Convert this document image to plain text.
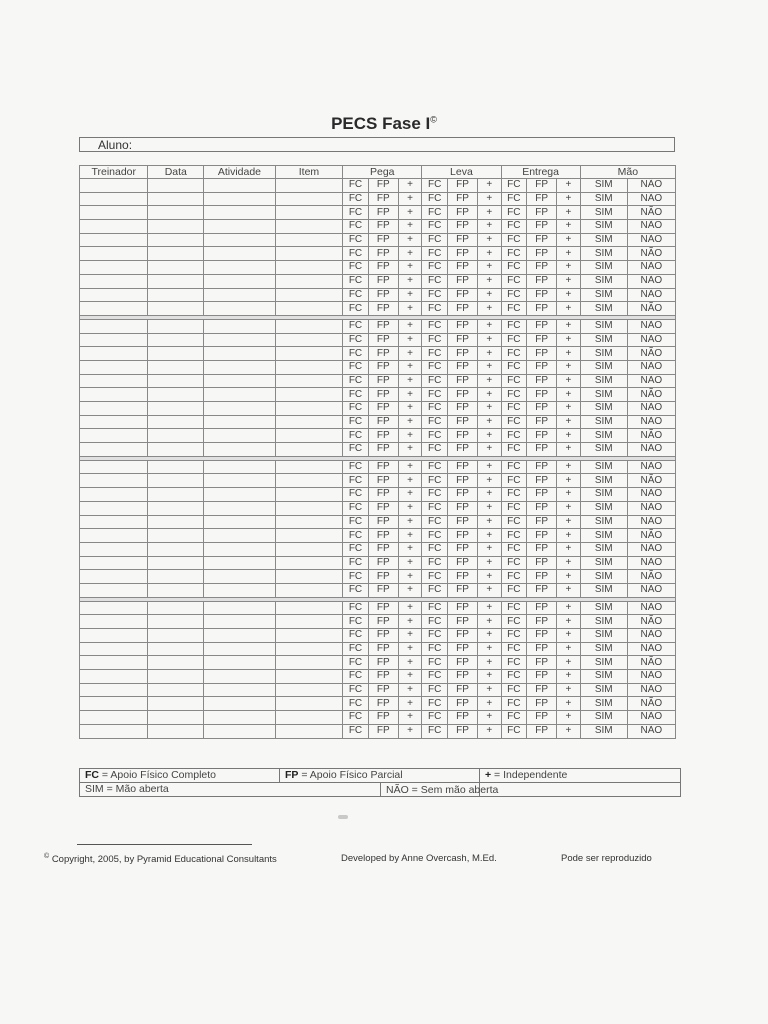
PECS Fase I©
Aluno:
Treinador	Data	Atividade	Item	Pega			Leva			Entrega			Mão	
				FC	FP	+	FC	FP	+	FC	FP	+	SIM	NÃO
				FC	FP	+	FC	FP	+	FC	FP	+	SIM	NÃO
				FC	FP	+	FC	FP	+	FC	FP	+	SIM	NÃO
				FC	FP	+	FC	FP	+	FC	FP	+	SIM	NÃO
				FC	FP	+	FC	FP	+	FC	FP	+	SIM	NÃO
				FC	FP	+	FC	FP	+	FC	FP	+	SIM	NÃO
				FC	FP	+	FC	FP	+	FC	FP	+	SIM	NÃO
				FC	FP	+	FC	FP	+	FC	FP	+	SIM	NÃO
				FC	FP	+	FC	FP	+	FC	FP	+	SIM	NÃO
				FC	FP	+	FC	FP	+	FC	FP	+	SIM	NÃO

				FC	FP	+	FC	FP	+	FC	FP	+	SIM	NÃO
				FC	FP	+	FC	FP	+	FC	FP	+	SIM	NÃO
				FC	FP	+	FC	FP	+	FC	FP	+	SIM	NÃO
				FC	FP	+	FC	FP	+	FC	FP	+	SIM	NÃO
				FC	FP	+	FC	FP	+	FC	FP	+	SIM	NÃO
				FC	FP	+	FC	FP	+	FC	FP	+	SIM	NÃO
				FC	FP	+	FC	FP	+	FC	FP	+	SIM	NÃO
				FC	FP	+	FC	FP	+	FC	FP	+	SIM	NÃO
				FC	FP	+	FC	FP	+	FC	FP	+	SIM	NÃO
				FC	FP	+	FC	FP	+	FC	FP	+	SIM	NÃO

				FC	FP	+	FC	FP	+	FC	FP	+	SIM	NÃO
				FC	FP	+	FC	FP	+	FC	FP	+	SIM	NÃO
				FC	FP	+	FC	FP	+	FC	FP	+	SIM	NÃO
				FC	FP	+	FC	FP	+	FC	FP	+	SIM	NÃO
				FC	FP	+	FC	FP	+	FC	FP	+	SIM	NÃO
				FC	FP	+	FC	FP	+	FC	FP	+	SIM	NÃO
				FC	FP	+	FC	FP	+	FC	FP	+	SIM	NÃO
				FC	FP	+	FC	FP	+	FC	FP	+	SIM	NÃO
				FC	FP	+	FC	FP	+	FC	FP	+	SIM	NÃO
				FC	FP	+	FC	FP	+	FC	FP	+	SIM	NÃO

				FC	FP	+	FC	FP	+	FC	FP	+	SIM	NÃO
				FC	FP	+	FC	FP	+	FC	FP	+	SIM	NÃO
				FC	FP	+	FC	FP	+	FC	FP	+	SIM	NÃO
				FC	FP	+	FC	FP	+	FC	FP	+	SIM	NÃO
				FC	FP	+	FC	FP	+	FC	FP	+	SIM	NÃO
				FC	FP	+	FC	FP	+	FC	FP	+	SIM	NÃO
				FC	FP	+	FC	FP	+	FC	FP	+	SIM	NÃO
				FC	FP	+	FC	FP	+	FC	FP	+	SIM	NÃO
				FC	FP	+	FC	FP	+	FC	FP	+	SIM	NÃO
				FC	FP	+	FC	FP	+	FC	FP	+	SIM	NÃO
FC = Apoio Físico Completo	FP = Apoio Físico Parcial	+ = Independente
SIM = Mão aberta			NÃO = Sem mão aberta
© Copyright, 2005, by Pyramid Educational Consultants	Developed by Anne Overcash, M.Ed.	Pode ser reproduzido
